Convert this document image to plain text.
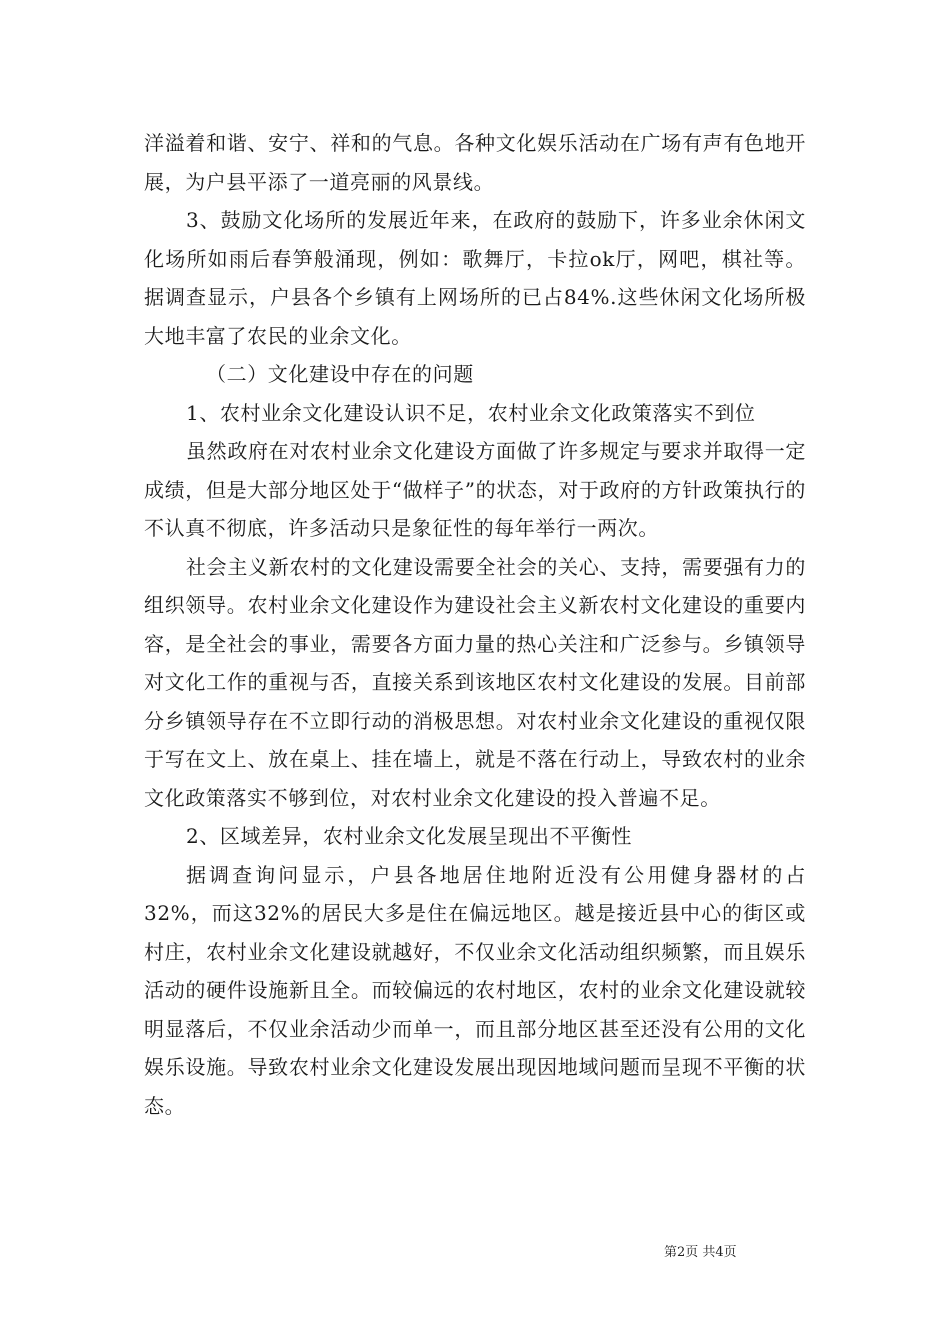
洋溢着和谐、安宁、祥和的气息。各种文化娱乐活动在广场有声有色地开展，为户县平添了一道亮丽的风景线。

3、鼓励文化场所的发展近年来，在政府的鼓励下，许多业余休闲文化场所如雨后春笋般涌现，例如：歌舞厅，卡拉ok厅，网吧，棋社等。据调查显示，户县各个乡镇有上网场所的已占84%.这些休闲文化场所极大地丰富了农民的业余文化。

（二）文化建设中存在的问题

1、农村业余文化建设认识不足，农村业余文化政策落实不到位

虽然政府在对农村业余文化建设方面做了许多规定与要求并取得一定成绩，但是大部分地区处于“做样子”的状态，对于政府的方针政策执行的不认真不彻底，许多活动只是象征性的每年举行一两次。

社会主义新农村的文化建设需要全社会的关心、支持，需要强有力的组织领导。农村业余文化建设作为建设社会主义新农村文化建设的重要内容，是全社会的事业，需要各方面力量的热心关注和广泛参与。乡镇领导对文化工作的重视与否，直接关系到该地区农村文化建设的发展。目前部分乡镇领导存在不立即行动的消极思想。对农村业余文化建设的重视仅限于写在文上、放在桌上、挂在墙上，就是不落在行动上，导致农村的业余文化政策落实不够到位，对农村业余文化建设的投入普遍不足。

2、区域差异，农村业余文化发展呈现出不平衡性

据调查询问显示，户县各地居住地附近没有公用健身器材的占32%，而这32%的居民大多是住在偏远地区。越是接近县中心的街区或村庄，农村业余文化建设就越好，不仅业余文化活动组织频繁，而且娱乐活动的硬件设施新且全。而较偏远的农村地区，农村的业余文化建设就较明显落后，不仅业余活动少而单一，而且部分地区甚至还没有公用的文化娱乐设施。导致农村业余文化建设发展出现因地域问题而呈现不平衡的状态。

第2页 共4页
